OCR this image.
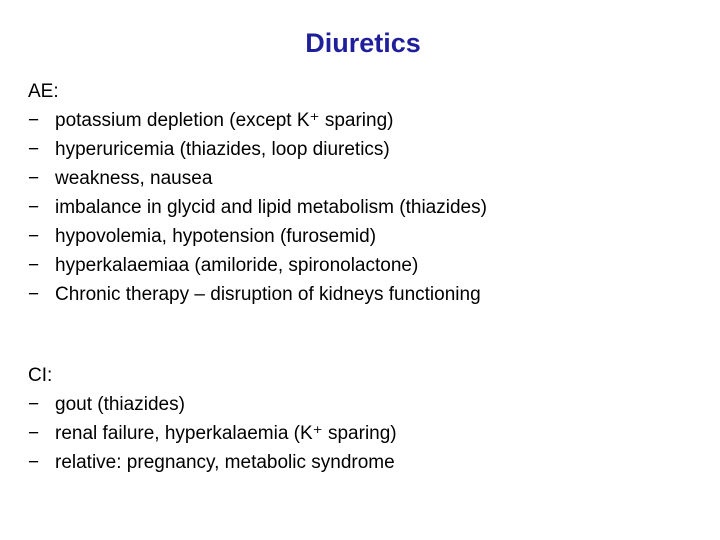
Diuretics
AE:
− potassium depletion (except K⁺ sparing)
− hyperuricemia (thiazides, loop diuretics)
− weakness, nausea
− imbalance in glycid and lipid metabolism (thiazides)
− hypovolemia, hypotension (furosemid)
− hyperkalaemiaa (amiloride, spironolactone)
− Chronic therapy – disruption of kidneys functioning
CI:
− gout (thiazides)
− renal failure, hyperkalaemia (K⁺ sparing)
− relative: pregnancy, metabolic syndrome
